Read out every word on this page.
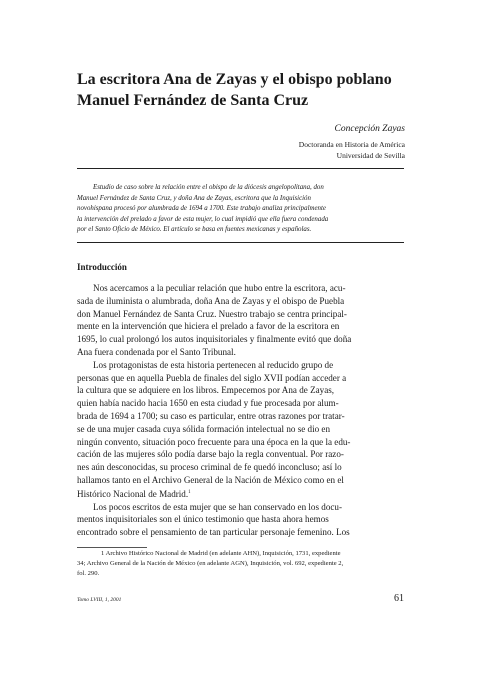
La escritora Ana de Zayas y el obispo poblano
Manuel Fernández de Santa Cruz
Concepción Zayas
Doctoranda en Historia de América
Universidad de Sevilla
Estudio de caso sobre la relación entre el obispo de la diócesis angelopolitana, don
Manuel Fernández de Santa Cruz, y doña Ana de Zayas, escritora que la Inquisición
novohispana procesó por alumbrada de 1694 a 1700. Este trabajo analiza principalmente
la intervención del prelado a favor de esta mujer, lo cual impidió que ella fuera condenada
por el Santo Oficio de México. El artículo se basa en fuentes mexicanas y españolas.
Introducción
Nos acercamos a la peculiar relación que hubo entre la escritora, acu-
sada de iluminista o alumbrada, doña Ana de Zayas y el obispo de Puebla
don Manuel Fernández de Santa Cruz. Nuestro trabajo se centra principal-
mente en la intervención que hiciera el prelado a favor de la escritora en
1695, lo cual prolongó los autos inquisitoriales y finalmente evitó que doña
Ana fuera condenada por el Santo Tribunal.
Los protagonistas de esta historia pertenecen al reducido grupo de
personas que en aquella Puebla de finales del siglo XVII podían acceder a
la cultura que se adquiere en los libros. Empecemos por Ana de Zayas,
quien había nacido hacia 1650 en esta ciudad y fue procesada por alum-
brada de 1694 a 1700; su caso es particular, entre otras razones por tratar-
se de una mujer casada cuya sólida formación intelectual no se dio en
ningún convento, situación poco frecuente para una época en la que la edu-
cación de las mujeres sólo podía darse bajo la regla conventual. Por razo-
nes aún desconocidas, su proceso criminal de fe quedó inconcluso; así lo
hallamos tanto en el Archivo General de la Nación de México como en el
Histórico Nacional de Madrid.$^1$
Los pocos escritos de esta mujer que se han conservado en los docu-
mentos inquisitoriales son el único testimonio que hasta ahora hemos
encontrado sobre el pensamiento de tan particular personaje femenino. Los
1 Archivo Histórico Nacional de Madrid (en adelante AHN), Inquisición, 1731, expediente
34; Archivo General de la Nación de México (en adelante AGN), Inquisición, vol. 692, expediente 2,
fol. 290.
Tomo LVIII, 1, 2001	61
